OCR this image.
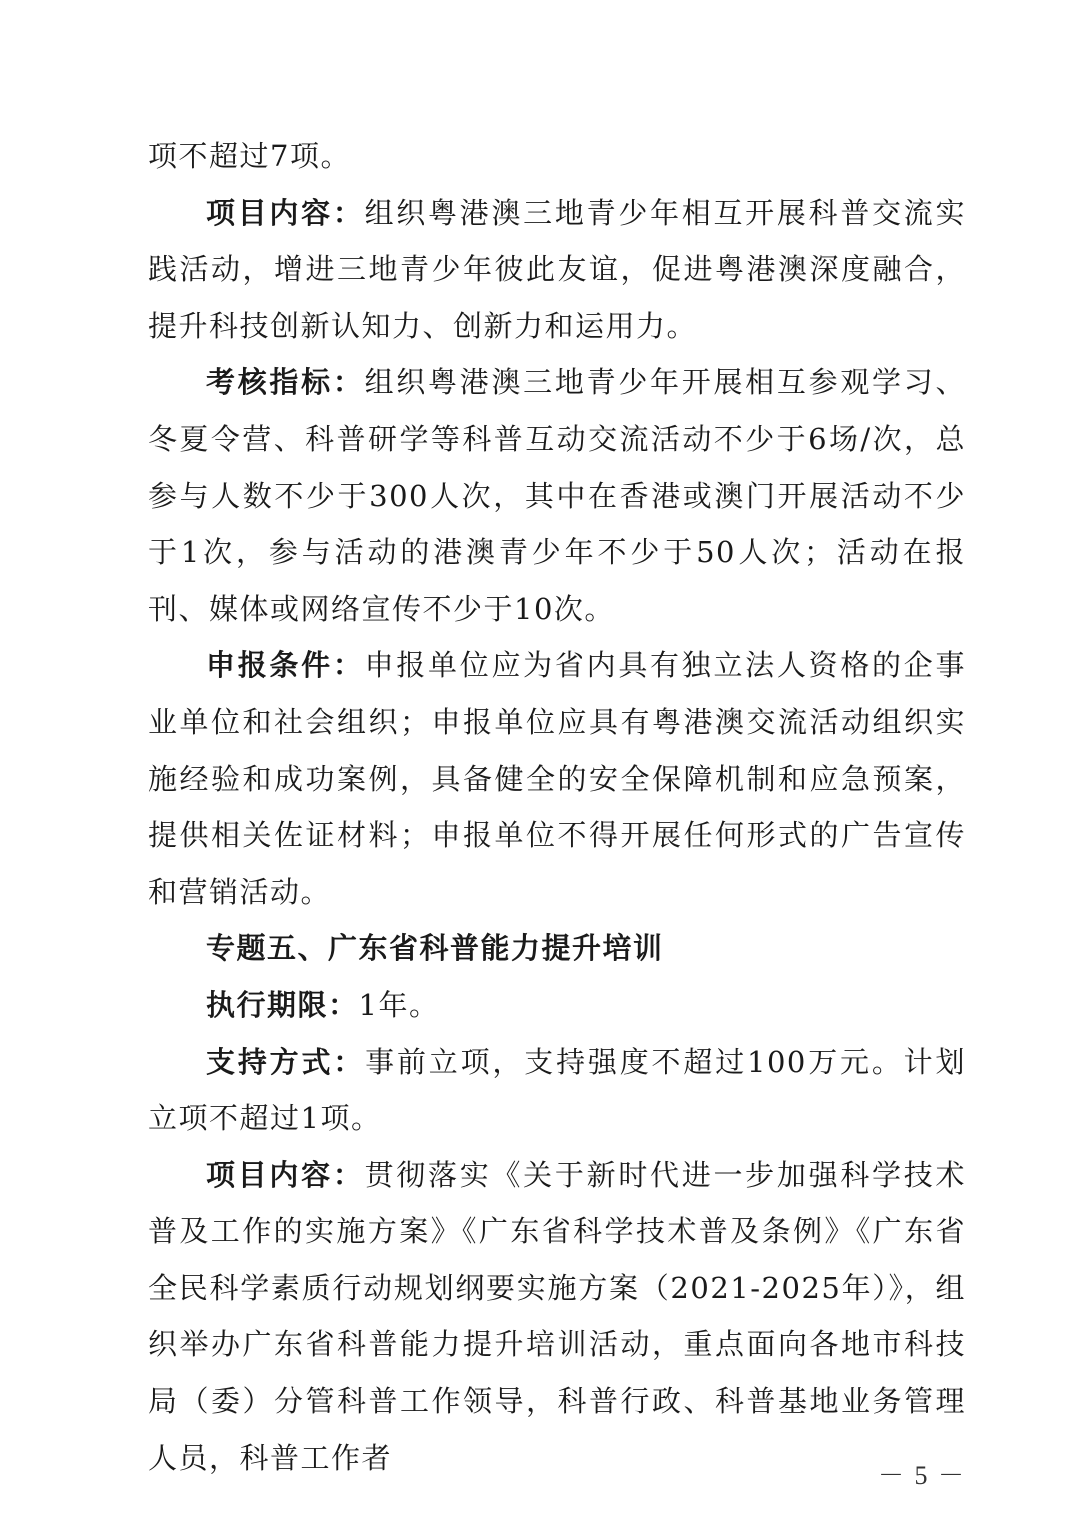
项不超过7项。

项目内容：组织粤港澳三地青少年相互开展科普交流实践活动，增进三地青少年彼此友谊，促进粤港澳深度融合，提升科技创新认知力、创新力和运用力。

考核指标：组织粤港澳三地青少年开展相互参观学习、冬夏令营、科普研学等科普互动交流活动不少于6场/次，总参与人数不少于300人次，其中在香港或澳门开展活动不少于1次，参与活动的港澳青少年不少于50人次；活动在报刊、媒体或网络宣传不少于10次。

申报条件：申报单位应为省内具有独立法人资格的企事业单位和社会组织；申报单位应具有粤港澳交流活动组织实施经验和成功案例，具备健全的安全保障机制和应急预案，提供相关佐证材料；申报单位不得开展任何形式的广告宣传和营销活动。

专题五、广东省科普能力提升培训

执行期限：1年。

支持方式：事前立项，支持强度不超过100万元。计划立项不超过1项。

项目内容：贯彻落实《关于新时代进一步加强科学技术普及工作的实施方案》《广东省科学技术普及条例》《广东省全民科学素质行动规划纲要实施方案（2021-2025年）》，组织举办广东省科普能力提升培训活动，重点面向各地市科技局（委）分管科普工作领导，科普行政、科普基地业务管理人员，科普工作者

－ 5 －
